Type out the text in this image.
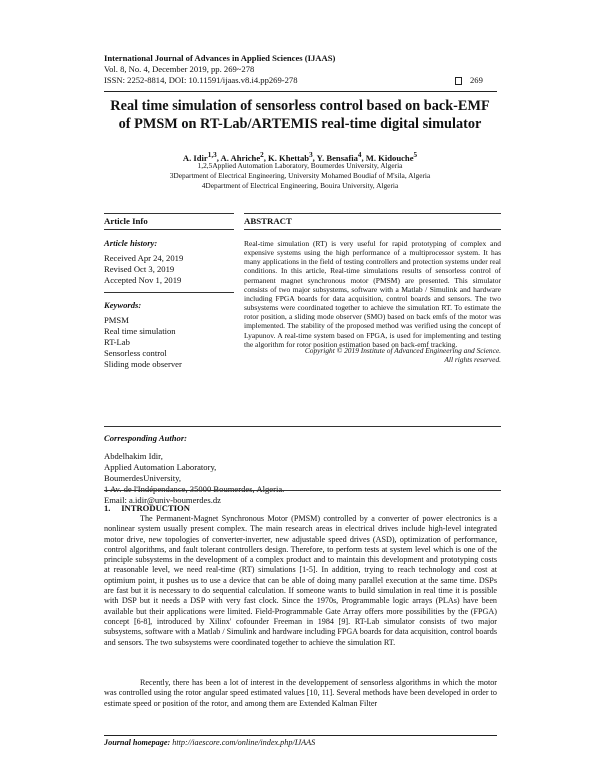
International Journal of Advances in Applied Sciences (IJAAS)
Vol. 8, No. 4, December 2019, pp. 269~278
ISSN: 2252-8814, DOI: 10.11591/ijaas.v8.i4.pp269-278	269
Real time simulation of sensorless control based on back-EMF
of PMSM on RT-Lab/ARTEMIS real-time digital simulator
A. Idir$^{1,3}$, A. Ahriche$^2$, K. Khettab$^3$, Y. Bensafia$^4$, M. Kidouche$^5$
1,2,5Applied Automation Laboratory, Boumerdes University, Algeria
3Department of Electrical Engineering, University Mohamed Boudiaf of M'sila, Algeria
4Department of Electrical Engineering, Bouira University, Algeria
Article Info
Article history:
Received Apr 24, 2019
Revised Oct 3, 2019
Accepted Nov 1, 2019
Keywords:
PMSM
Real time simulation
RT-Lab
Sensorless control
Sliding mode observer
ABSTRACT
Real-time simulation (RT) is very useful for rapid prototyping of complex and expensive systems using the high performance of a multiprocessor system. It has many applications in the field of testing controllers and protection systems under real conditions. In this article, Real-time simulations results of sensorless control of permanent magnet synchronous motor (PMSM) are presented. This simulator consists of two major subsystems, software with a Matlab / Simulink and hardware including FPGA boards for data acquisition, control boards and sensors. The two subsystems were coordinated together to achieve the simulation RT. To estimate the rotor position, a sliding mode observer (SMO) based on back emfs of the motor was implemented. The stability of the proposed method was verified using the concept of Lyapunov. A real-time system based on FPGA, is used for implementing and testing the algorithm for rotor position estimation based on back-emf tracking.
Copyright © 2019 Institute of Advanced Engineering and Science.
All rights reserved.
Corresponding Author:
Abdelhakim Idir,
Applied Automation Laboratory,
BoumerdesUniversity,
1 Av. de l'Indépendance, 35000 Boumerdes, Algeria.
Email: a.idir@univ-boumerdes.dz
1.     INTRODUCTION
The Permanent-Magnet Synchronous Motor (PMSM) controlled by a converter of power electronics is a nonlinear system usually present complex. The main research areas in electrical drives include high-level integrated motor drive, new topologies of converter-inverter, new adjustable speed drives (ASD), optimization of performance, control algorithms, and fault tolerant controllers design. Therefore, to perform tests at system level which is one of the principle subsystems in the development of a complex product and to maintain this development and prototyping costs at reasonable level, we need real-time (RT) simulations [1-5]. In addition, trying to reach technology and cost at optimium point, it pushes us to use a device that can be able of doing many parallel execution at the same time. DSPs are fast but it is necessary to do sequential calculation. If someone wants to build simulation in real time it is possible with DSP but it needs a DSP with very fast clock. Since the 1970s, Programmable logic arrays (PLAs) have been available but their applications were limited. Field-Programmable Gate Array offers more possibilities by the (FPGA) concept [6-8], introduced by Xilinx' cofounder Freeman in 1984 [9]. RT-Lab simulator consists of two major subsystems, software with a Matlab / Simulink and hardware including FPGA boards for data acquisition, control boards and sensors. The two subsystems were coordinated together to achieve the simulation RT.
Recently, there has been a lot of interest in the developpement of sensorless algorithms in which the motor was controlled using the rotor angular speed estimated values [10, 11]. Several methods have been developed in order to estimate speed or position of the rotor, and among them are Extended Kalman Filter
Journal homepage: http://iaescore.com/online/index.php/IJAAS
